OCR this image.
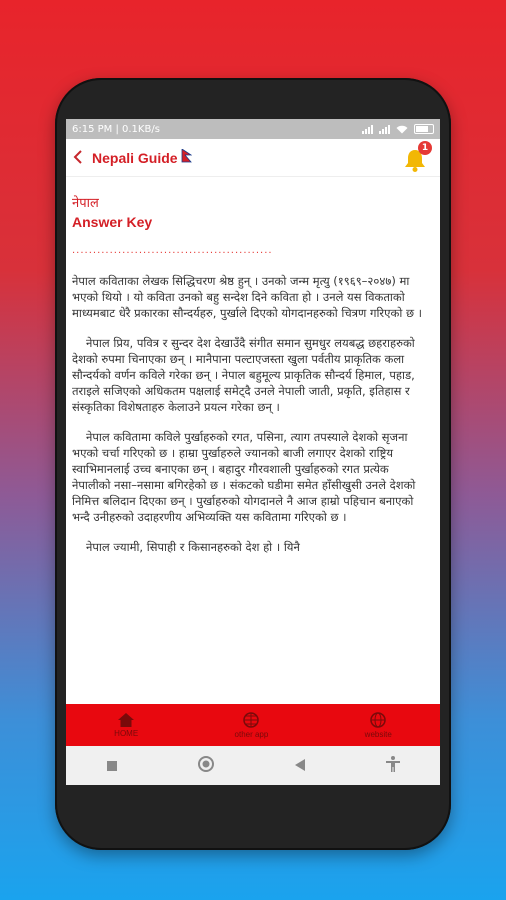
6:15 PM | 0.1KB/s
Nepali Guide
1
नेपाल
Answer Key
................................................

नेपाल कविताका लेखक सिद्धिचरण श्रेष्ठ हुन् । उनको जन्म मृत्यु (१९६९–२०४७) मा भएको थियो । यो कविता उनको बहु सन्देश दिने कविता हो । उनले यस विकताको माध्यमबाट धेरै प्रकारका सौन्दर्यहरु, पुर्खाले दिएको योगदानहरुको चित्रण गरिएको छ ।

नेपाल प्रिय, पवित्र र सुन्दर देश देखाउँदै संगीत समान सुमधुर लयबद्ध छहराहरुको देशको रुपमा चिनाएका छन् । मानैपाना पल्टाएजस्ता खुला पर्वतीय प्राकृतिक कला सौन्दर्यको वर्णन कविले गरेका छन् । नेपाल बहुमूल्य प्राकृतिक सौन्दर्य हिमाल, पहाड, तराइले सजिएको अधिकतम पक्षलाई समेट्दै उनले नेपाली जाती, प्रकृति, इतिहास र संस्कृतिका विशेषताहरु केलाउने प्रयत्न गरेका छन् ।

नेपाल कवितामा कविले पुर्खाहरुको रगत, पसिना, त्याग तपस्याले देशको सृजना भएको चर्चा गरिएको छ । हाम्रा पुर्खाहरुले ज्यानको बाजी लगाएर देशको राष्ट्रिय स्वाभिमानलाई उच्च बनाएका छन् । बहादुर गौरवशाली पुर्खाहरुको रगत प्रत्येक नेपालीको नसा–नसामा बगिरहेको छ । संकटको घडीमा समेत हाँसीखुसी उनले देशको निमित्त बलिदान दिएका छन् । पुर्खाहरुको योगदानले नै आज हाम्रो पहिचान बनाएको भन्दै उनीहरुको उदाहरणीय अभिव्यक्ति यस कवितामा गरिएको छ ।

नेपाल ज्यामी, सिपाही र किसानहरुको देश हो । यिनै

HOME	other app	website
